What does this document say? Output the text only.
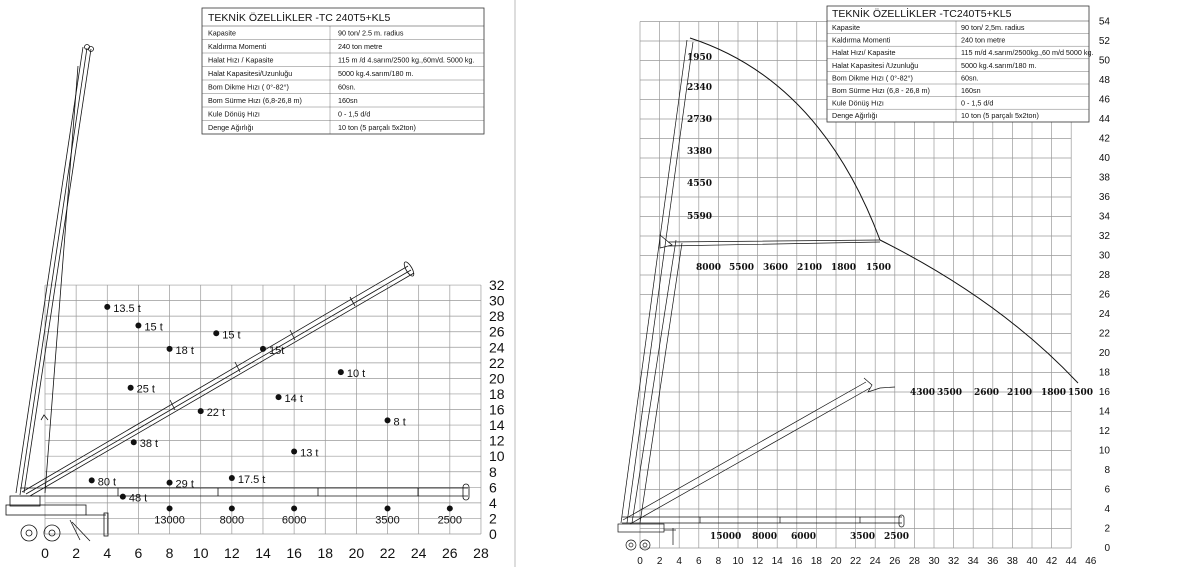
0 2 4 6 8 10 12 14 16 18 20 22 24 26 28
0
2
4
6
8
10
12
14
16
18
20
22
24
26
28
30
32
TEKNİK ÖZELLİKLER -TC 240T5+KL5
Kapasite	90 ton/ 2.5 m. radius
Kaldırma Momenti	240 ton metre
Halat Hızı / Kapasite	115 m /d 4.sarım/2500 kg.,60m/d. 5000 kg.
Halat Kapasitesi/Uzunluğu	5000 kg.4.sarım/180 m.
Bom Dikme Hızı ( 0°-82°)	60sn.
Bom Sürme Hızı (6,8-26,8 m)	160sn
Kule Dönüş Hızı	0 - 1,5 d/d
Denge Ağırlığı	10 ton (5 parçalı 5x2ton)
13.5 t
15 t
15 t
18 t	15t
10 t
25 t
14 t
22 t
8 t
38 t
13 t
80 t	29 t	17.5 t
48 t
13000	8000	6000	3500	2500
0 2 4 6 8 10 12 14 16 18 20 22 24 26 28 30 32 34 36 38 40 42 44 46
0
2
4
6
8
10
12
14
16
18
20
22
24
26
28
30
32
34
36
38
40
42
44
46
48
50
52
54
TEKNİK ÖZELLİKLER -TC240T5+KL5
Kapasite	90 ton/ 2,5m. radius
Kaldırma Momenti	240 ton metre
Halat Hızı/ Kapasite	115 m/d 4.sarım/2500kg.,60 m/d 5000 kg.
Halat Kapasitesi /Uzunluğu	5000 kg.4.sarım/180 m.
Bom Dikme Hızı ( 0°-82°)	60sn.
Bom Sürme Hızı (6,8 - 26,8 m)	160sn
Kule Dönüş Hızı	0 - 1,5 d/d
Denge Ağırlığı	10 ton (5 parçalı 5x2ton)
1950
2340
2730
3380
4550
5590
8000 5500 3600 2100 1800 1500
4300 3500 2600 2100 1800 1500
15000 8000 6000	3500 2500
